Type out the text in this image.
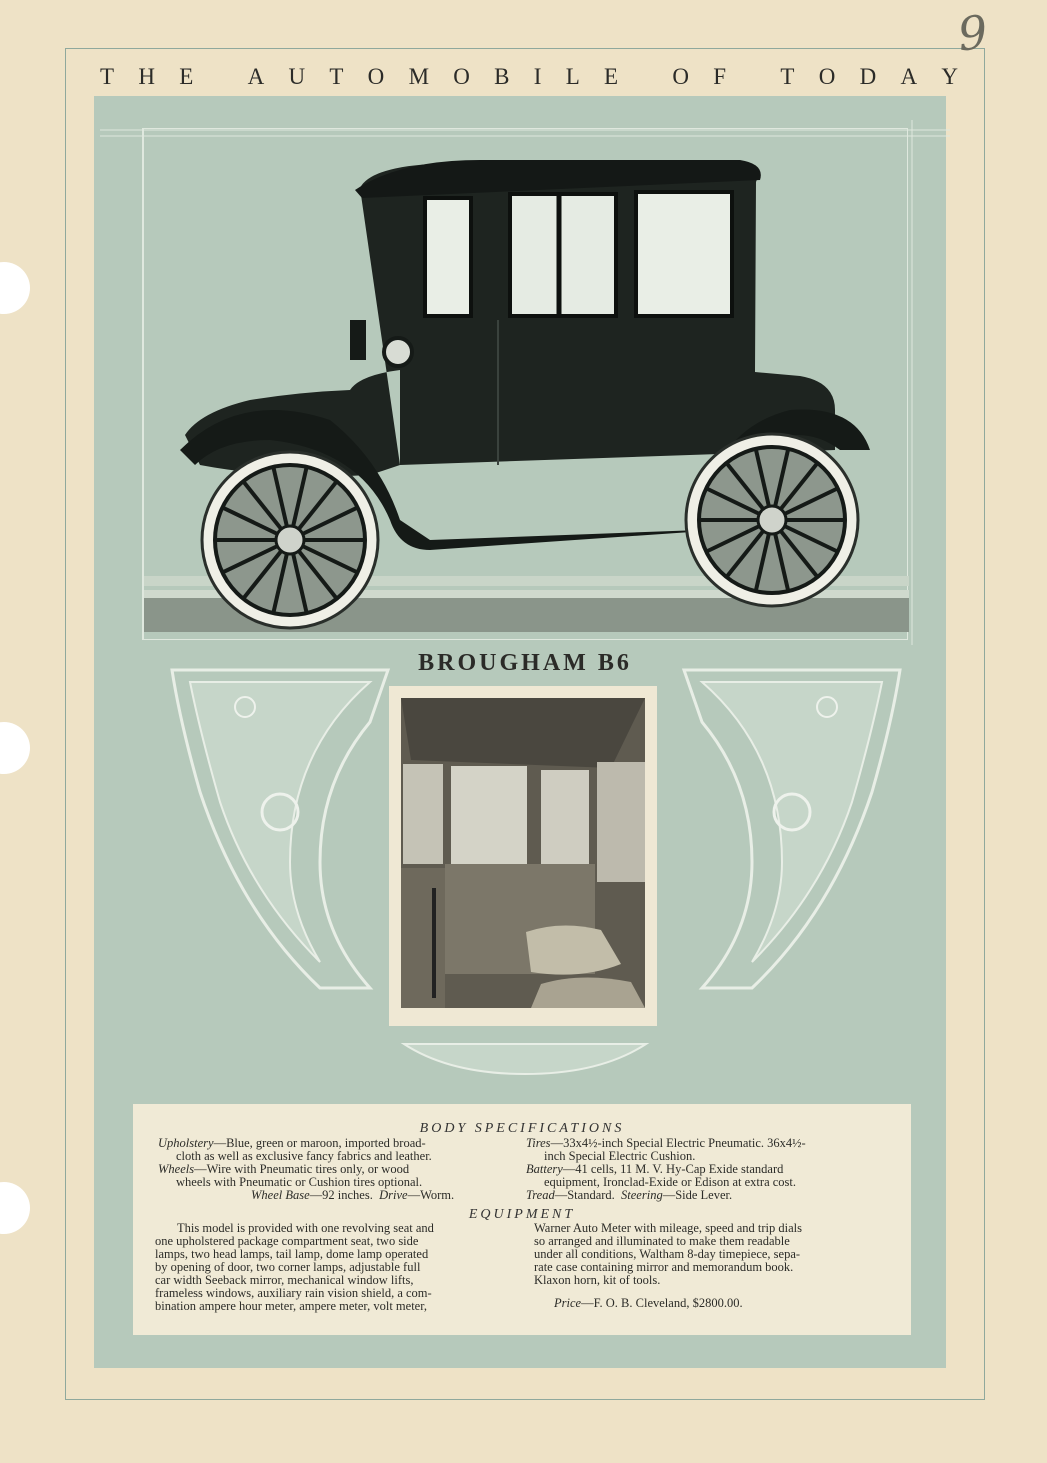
9
T H E
A U T O M O B I L E
O F
T O D A Y
BROUGHAM B6
BODY SPECIFICATIONS

Upholstery—Blue, green or maroon, imported broad-
cloth as well as exclusive fancy fabrics and leather.

Wheels—Wire with Pneumatic tires only, or wood
wheels with Pneumatic or Cushion tires optional.

Wheel Base—92 inches. Drive—Worm.

Tires—33x4½-inch Special Electric Pneumatic. 36x4½-
inch Special Electric Cushion.

Battery—41 cells, 11 M. V. Hy-Cap Exide standard
equipment, Ironclad-Exide or Edison at extra cost.

Tread—Standard. Steering—Side Lever.

EQUIPMENT

This model is provided with one revolving seat and

one upholstered package compartment seat, two side

lamps, two head lamps, tail lamp, dome lamp operated

by opening of door, two corner lamps, adjustable full

car width Seeback mirror, mechanical window lifts,

frameless windows, auxiliary rain vision shield, a com-

bination ampere hour meter, ampere meter, volt meter,

Warner Auto Meter with mileage, speed and trip dials

so arranged and illuminated to make them readable

under all conditions, Waltham 8-day timepiece, sepa-

rate case containing mirror and memorandum book.

Klaxon horn, kit of tools.

Price—F. O. B. Cleveland, $2800.00.
